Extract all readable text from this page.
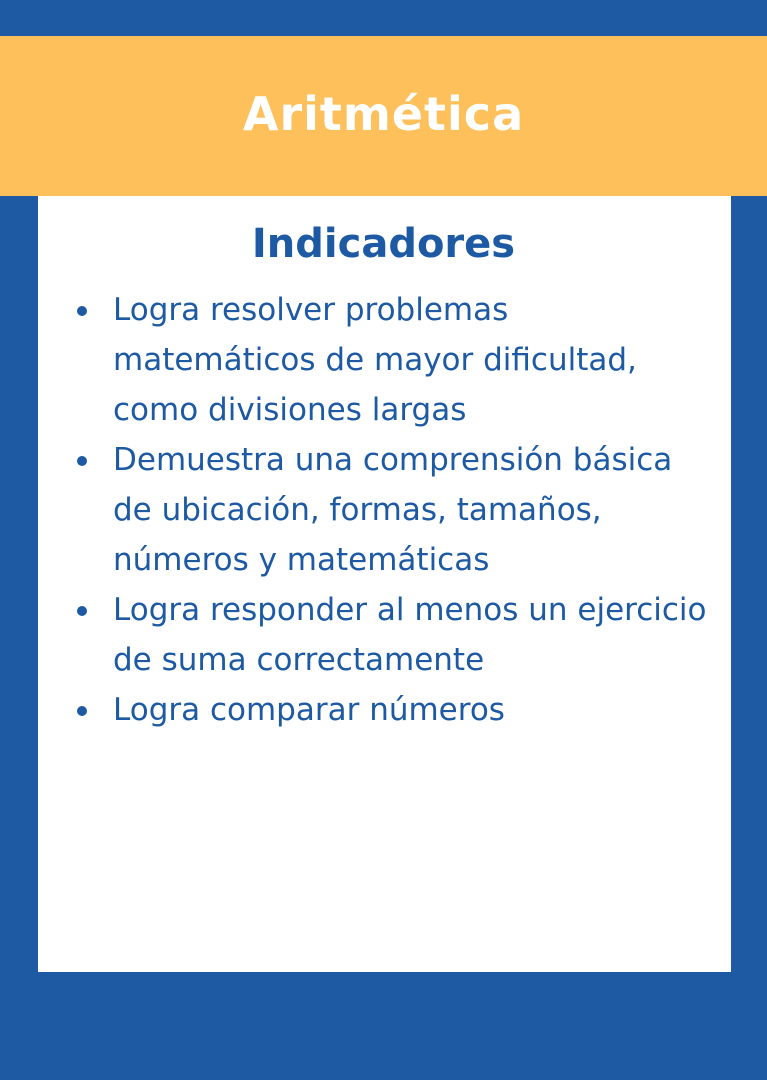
Aritmética
Indicadores
Logra resolver problemas matemáticos de mayor dificultad, como divisiones largas
Demuestra una comprensión básica de ubicación, formas, tamaños, números y matemáticas
Logra responder al menos un ejercicio de suma correctamente
Logra comparar números
